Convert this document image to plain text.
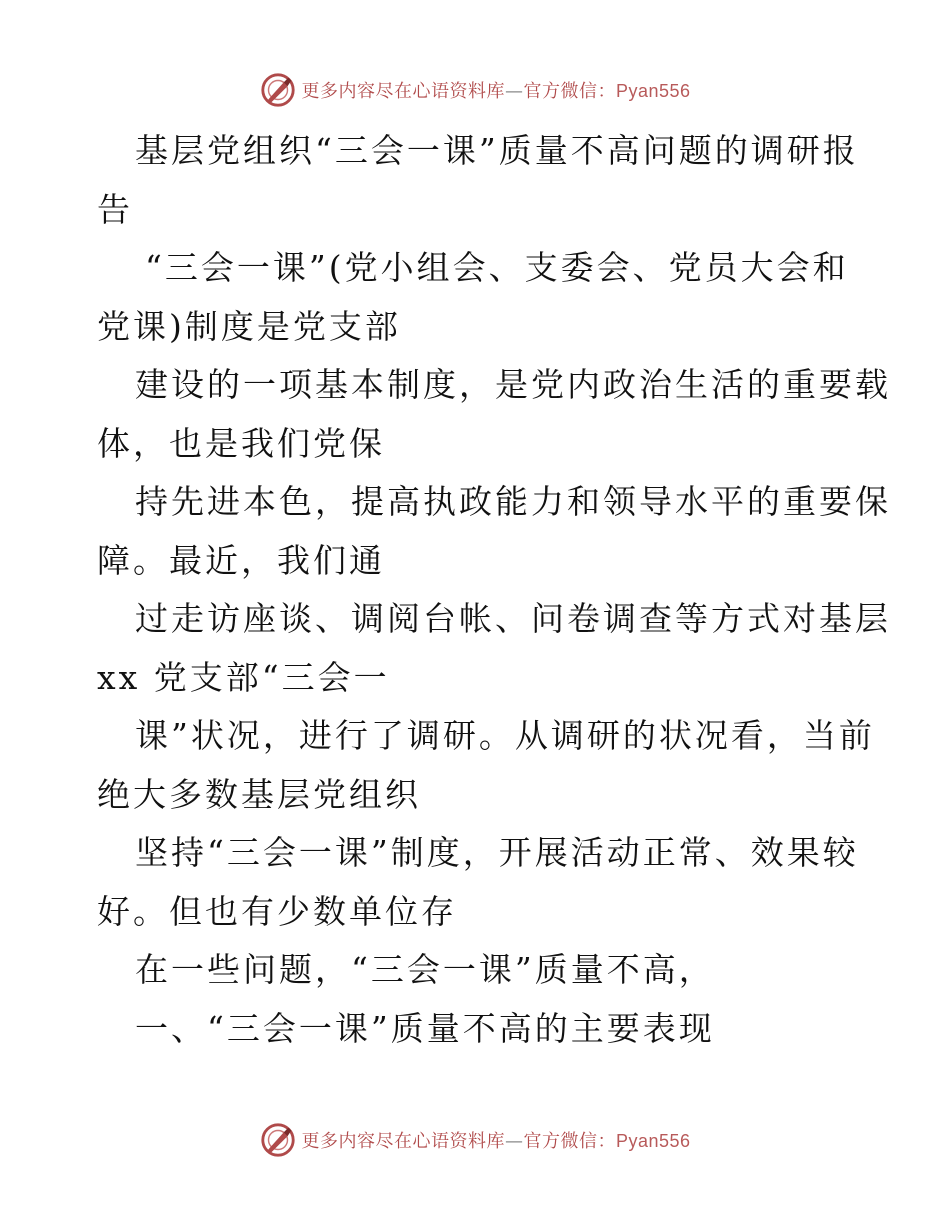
更多内容尽在心语资料库—官方微信：Pyan556
基层党组织“三会一课”质量不高问题的调研报
告
“三会一课”(党小组会、支委会、党员大会和
党课)制度是党支部
建设的一项基本制度，是党内政治生活的重要载
体，也是我们党保
持先进本色，提高执政能力和领导水平的重要保
障。最近，我们通
过走访座谈、调阅台帐、问卷调查等方式对基层
xx 党支部“三会一
课”状况，进行了调研。从调研的状况看，当前
绝大多数基层党组织
坚持“三会一课”制度，开展活动正常、效果较
好。但也有少数单位存
在一些问题，“三会一课”质量不高，
一、“三会一课”质量不高的主要表现
更多内容尽在心语资料库—官方微信：Pyan556
